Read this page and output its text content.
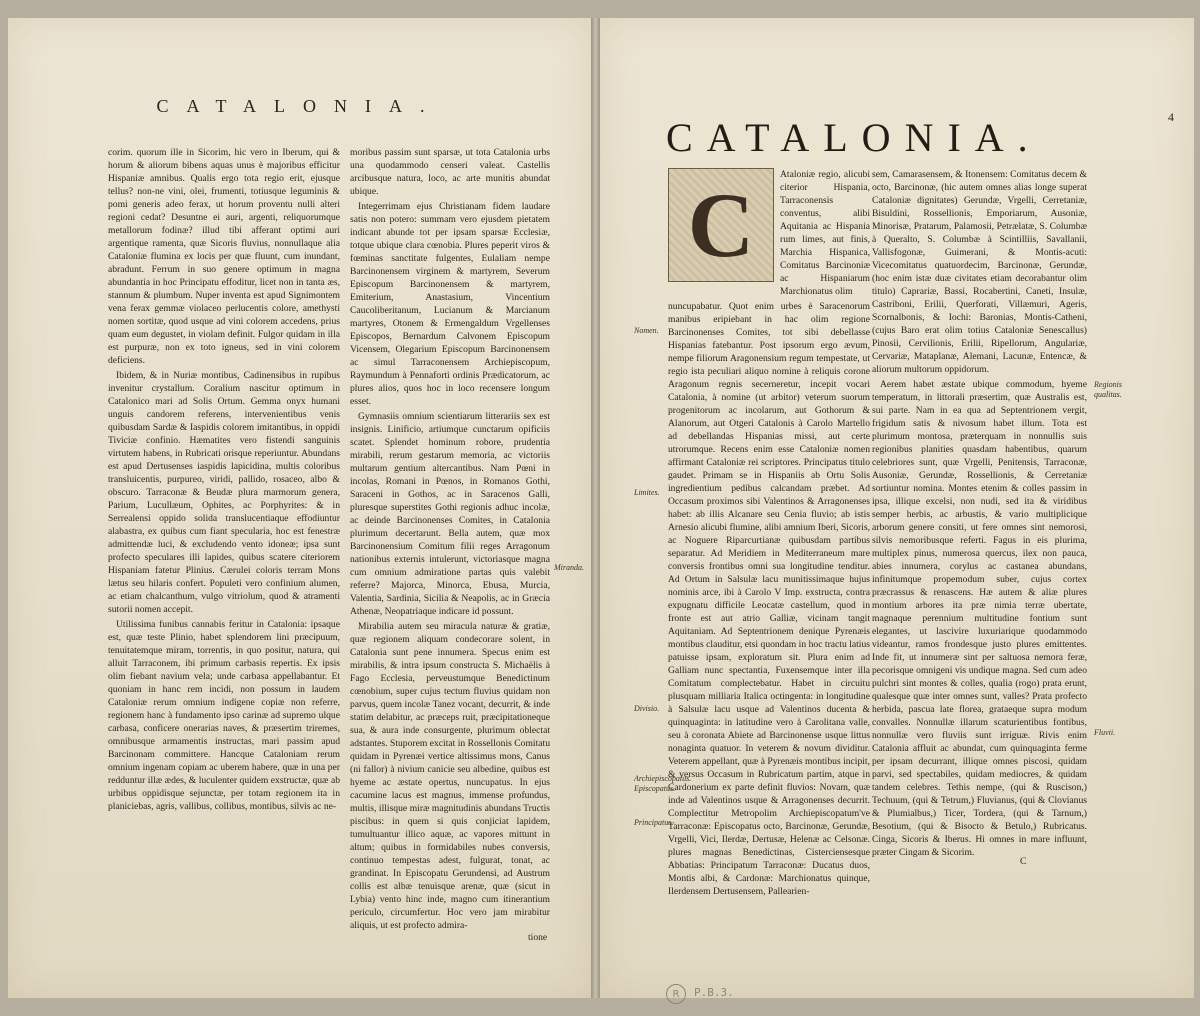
CATALONIA.

corim. quorum ille in Sicorim, hic vero in Iberum, qui & horum & aliorum bibens aquas unus è majoribus efficitur Hispaniæ amnibus. Qualis ergo tota regio erit, ejusque tellus? non-ne vini, olei, frumenti, totiusque leguminis & pomi generis adeo ferax, ut horum proventu nulli alteri regioni cedat? Desuntne ei auri, argenti, reliquorumque metallorum fodinæ? illud tibi afferant optimi auri argentique ramenta, quæ Sicoris fluvius, nonnullaque alia Cataloniæ flumina ex locis per quæ fluunt, cum inundant, abradunt. Ferrum in suo genere optimum in magna abundantia in hoc Principatu effoditur, licet non in tanta æs, stannum & plumbum. Nuper inventa est apud Signimontem vena ferax gemmæ violaceo perlucentis colore, amethysti nomen sortitæ, quod usque ad vini colorem accedens, prius quam eum degustet, in violam definit. Fulgor quidam in illa est purpuræ, non ex toto igneus, sed in vini colorem deficiens.

Ibidem, & in Nuriæ montibus, Cadinensibus in rupibus invenitur crystallum. Coralium nascitur optimum in Catalonico mari ad Solis Ortum. Gemma onyx humani unguis candorem referens, intervenientibus venis quibusdam Sardæ & Iaspidis colorem imitantibus, in oppidi Tiviciæ confinio. Hæmatites vero fistendi sanguinis virtutem habens, in Rubricati orisque reperiuntur. Abundans est apud Dertusenses iaspidis lapicidina, multis coloribus transluicentis, purpureo, viridi, pallido, rosaceo, albo & obscuro. Tarraconæ & Beudæ plura marmorum genera, Parium, Lucullæum, Ophites, ac Porphyrites: & in Serrealensi oppido solida translucentiaque effodiuntur alabastra, ex quibus cum fiant specularia, hoc est fenestræ admittendæ luci, & excludendo vento idoneæ; ipsa sunt profecto speculares illi lapides, quibus scatere citeriorem Hispaniam fatetur Plinius. Cærulei coloris terram Mons lætus seu hilaris confert. Populeti vero confinium alumen, ac etiam chalcanthum, vulgo vitriolum, quod & atramenti sutorii nomen accepit.

Utilissima funibus cannabis feritur in Catalonia: ipsaque est, quæ teste Plinio, habet splendorem lini præcipuum, tenuitatemque miram, torrentis, in quo positur, natura, qui alluit Tarraconem, ibi primum carbasis repertis. Ex ipsis olim fiebant navium vela; unde carbasa appellabantur. Et quoniam in hanc rem incidi, non possum in laudem Cataloniæ rerum omnium indigene copiæ non referre, regionem hanc à fundamento ipso carinæ ad supremo ulque carbasa, conficere onerarias naves, & præsertim triremes, omnibusque armamentis instructas, mari passim apud Barcinonam committere. Hancque Cataloniam rerum omnium ingenam copiam ac uberem habere, quæ in una per redduntur illæ ædes, & luculenter quidem exstructæ, quæ ab urbibus oppidisque sejunctæ, per totam regionem ita in planiciebas, agris, vallibus, collibus, montibus, silvis ac ne-

moribus passim sunt sparsæ, ut tota Catalonia urbs una quodammodo censeri valeat. Castellis arcibusque natura, loco, ac arte munitis abundat ubique.

Integerrimam ejus Christianam fidem laudare satis non potero: summam vero ejusdem pietatem indicant abunde tot per ipsam sparsæ Ecclesiæ, totque ubique clara cœnobia. Plures peperit viros & fœminas sanctitate fulgentes, Eulaliam nempe Barcinonensem virginem & martyrem, Severum Episcopum Barcinonensem & martyrem, Emiterium, Anastasium, Vincentium Caucoliberitanum, Lucianum & Marcianum martyres, Otonem & Ermengaldum Vrgellenses Episcopos, Bernardum Calvonem Episcopum Vicensem, Olegarium Episcopum Barcinonensem ac simul Tarraconensem Archiepiscopum, Raymundum à Pennaforti ordinis Prædicatorum, ac plures alios, quos hoc in loco recensere longum esset.

Gymnasiis omnium scientiarum litterariis sex est insignis. Linificio, artiumque cunctarum opificiis scatet. Splendet hominum robore, prudentia mirabili, rerum gestarum memoria, ac victoriis multarum gentium altercantibus. Nam Pœni in incolas, Romani in Pœnos, in Romanos Gothi, Saraceni in Gothos, ac in Saracenos Galli, pluresque superstites Gothi regionis adhuc incolæ, ac deinde Barcinonenses Comites, in Catalonia plurimum decertarunt. Bella autem, quæ mox Barcinonensium Comitum filii reges Arragonum nationibus externis intulerunt, victoriasque magna cum omnium admiratione partas quis valebit referre? Majorca, Minorca, Ebusa, Murcia, Valentia, Sardinia, Sicilia & Neapolis, ac in Græcia Athenæ, Neopatriaque indicare id possunt.

Mirabilia autem seu miracula naturæ & gratiæ, quæ regionem aliquam condecorare solent, in Catalonia sunt pene innumera. Specus enim est mirabilis, & intra ipsum constructa S. Michaëlis à Fago Ecclesia, perveustumque Benedictinum cœnobium, super cujus tectum fluvius quidam non parvus, quem incolæ Tanez vocant, decurrit, & inde statim delabitur, ac præceps ruit, præcipitationeque sua, & aura inde consurgente, plurimum oblectat adstantes. Stuporem excitat in Rossellonis Comitatu quidam in Pyrenæi vertice altissimus mons, Canus (ni fallor) à nivium canicie seu albedine, quibus est hyeme ac æstate opertus, nuncupatus. In ejus cacumine lacus est magnus, immense profundus, multis, illisque miræ magnitudinis abundans Tructis piscibus: in quem si quis conjiciat lapidem, tumultuantur illico aquæ, ac vapores mittunt in altum; quibus in formidabiles nubes conversis, continuo tempestas adest, fulgurat, tonat, ac grandinat. In Episcopatu Gerundensi, ad Austrum collis est albæ tenuisque arenæ, quæ (sicut in Lybia) vento hinc inde, magno cum itinerantium periculo, circumfertur. Hoc vero jam mirabitur aliquis, ut est profecto admira-

Miranda.
tione
CATALONIA.	4
C	Ataloniæ regio, alicubi citerior Hispania, Tarraconensis conventus, alibi Aquitania ac Hispania rum limes, aut finis, Marchia Hispanica, Comitatus Barcinoniæ ac Hispaniarum Marchionatus olim

nuncupabatur. Quot enim urbes è Saracenorum manibus eripiebant in hac olim regione Barcinonenses Comites, tot sibi debellasse Hispanias fatebantur. Post ipsorum ergo ævum, nempe filiorum Aragonensium regum tempestate, ut regio ista peculiari aliquo nomine à reliquis corone Aragonum regnis secerneretur, incepit vocari Catalonia, à nomine (ut arbitor) veterum suorum progenitorum ac incolarum, aut Gothorum & Alanorum, aut Otgeri Catalonis à Carolo Martello ad debellandas Hispanias missi, aut certe utrorumque. Recens enim esse Cataloniæ nomen affirmant Cataloniæ rei scriptores. Principatus titulo gaudet. Primam se in Hispaniis ab Ortu Solis ingredientium pedibus calcandam præbet. Ad Occasum proximos sibi Valentinos & Arragonenses habet: ab illis Alcanare seu Cenia fluvio; ab istis Arnesio alicubi flumine, alibi amnium Iberi, Sicoris, ac Noguere Riparcurtianæ quibusdam partibus separatur. Ad Meridiem in Mediterraneum mare conversis frontibus omni sua longitudine tenditur. Ad Ortum in Salsulæ lacu munitissimaque hujus nominis arce, ibi à Carolo V Imp. exstructa, contra expugnatu difficile Leocatæ castellum, quod in fronte est aut atrio Galliæ, vicinam tangit Aquitaniam. Ad Septentrionem denique Pyrenæis montibus clauditur, etsi quondam in hoc tractu latius patuisse ipsam, exploratum sit. Plura enim ad Galliam nunc spectantia, Fuxensemque inter illa Comitatum complectebatur. Habet in circuitu plusquam milliaria Italica octingenta: in longitudine à Salsulæ lacu usque ad Valentinos ducenta & quinquaginta: in latitudine vero à Carolitana valle, seu à coronata Abiete ad Barcinonense usque littus nonaginta quatuor. In veterem & novum dividitur. Veterem appellant, quæ à Pyrenæis montibus incipit, & versus Occasum in Rubricatum partim, atque in Cardonerium ex parte definit fluvios: Novam, quæ inde ad Valentinos usque & Arragonenses decurrit. Complectitur Metropolim Archiepiscopatum've Tarraconæ: Episcopatus octo, Barcinonæ, Gerundæ, Vrgelli, Vici, Ilerdæ, Dertusæ, Helenæ ac Celsonæ. plures magnas Benedictinas, Cisterciensesque Abbatias: Principatum Tarraconæ: Ducatus duos, Montis albi, & Cardonæ: Marchionatus quinque, Ilerdensem Dertusensem, Pallearien-

sem, Camarasensem, & Itonensem: Comitatus decem & octo, Barcinonæ, (hic autem omnes alias longe superat Cataloniæ dignitates) Gerundæ, Vrgelli, Cerretaniæ, Bisuldini, Rossellionis, Emporiarum, Ausoniæ, Minorisæ, Pratarum, Palamosii, Petrælatæ, S. Columbæ à Queralto, S. Columbæ à Scintilliis, Savallanii, Vallisfogonæ, Guimerani, & Montis-acuti: Vicecomitatus quatuordecim, Barcinonæ, Gerundæ, (hoc enim istæ duæ civitates etiam decorabantur olim titulo) Caprariæ, Bassi, Rocabertini, Caneti, Insulæ, Castriboni, Erilii, Querforati, Villæmuri, Ageris, Scornalbonis, & Iochi: Baronias, Montis-Catheni, (cujus Baro erat olim totius Cataloniæ Senescallus) Pinosii, Cervilionis, Erilii, Ripellorum, Angulariæ, Cervariæ, Mataplanæ, Alemani, Lacunæ, Entencæ, & aliorum multorum oppidorum.

Aerem habet æstate ubique commodum, hyeme temperatum, in littorali præsertim, quæ Australis est, sui parte. Nam in ea qua ad Septentrionem vergit, frigidum satis & nivosum habet illum. Tota est plurimum montosa, præterquam in nonnullis suis regionibus planities quasdam habentibus, quarum celebriores sunt, quæ Vrgelli, Penitensis, Tarraconæ, Ausoniæ, Gerundæ, Rossellionis, & Cerretaniæ sortiuntur nomina. Montes etenim & colles passim in ipsa, illique excelsi, non nudi, sed ita & viridibus semper herbis, ac arbustis, & vario multiplicique arborum genere consiti, ut fere omnes sint nemorosi, silvis nemoribusque referti. Fagus in eis plurima, multiplex pinus, numerosa quercus, ilex non pauca, abies innumera, corylus ac castanea abundans, infinitumque propemodum suber, cujus cortex præcrassus & renascens. Hæ autem & aliæ plures montium arbores ita præ nimia terræ ubertate, magnaque perennium multitudine fontium sunt elegantes, ut lascivire luxuriarique quodammodo videantur, ramos frondesque justo plures emittentes. Inde fit, ut innumeræ sint per saltuosa nemora feræ, pecorisque omnigeni vis undique magna. Sed cum adeo pulchri sint montes & colles, qualia (rogo) prata erunt, qualesque quæ inter omnes sunt, valles? Prata profecto herbida, pascua late florea, grataeque supra modum convalles. Nonnullæ illarum scaturientibus fontibus, nonnullæ vero fluviis sunt irriguæ. Rivis enim Catalonia affluit ac abundat, cum quinquaginta ferme per ipsam decurrant, illique omnes piscosi, quidam parvi, sed spectabiles, quidam mediocres, & quidam tandem celebres. Tethis nempe, (qui & Ruscison,) Techuum, (qui & Tetrum,) Fluvianus, (qui & Clovianus & Plumialbus,) Ticer, Tordera, (qui & Tarnum,) Besotium, (qui & Bisocto & Betulo,) Rubricatus. Cinga, Sicoris & Iberus. Hi omnes in mare influunt, præter Cingam & Sicorim.

Nomen.
Limites.
Divisio.
Archiepiscopatus. Episcopatus.
Principatus.
Regionis qualitas.
Fluvii.
C
P.B.3.
R
